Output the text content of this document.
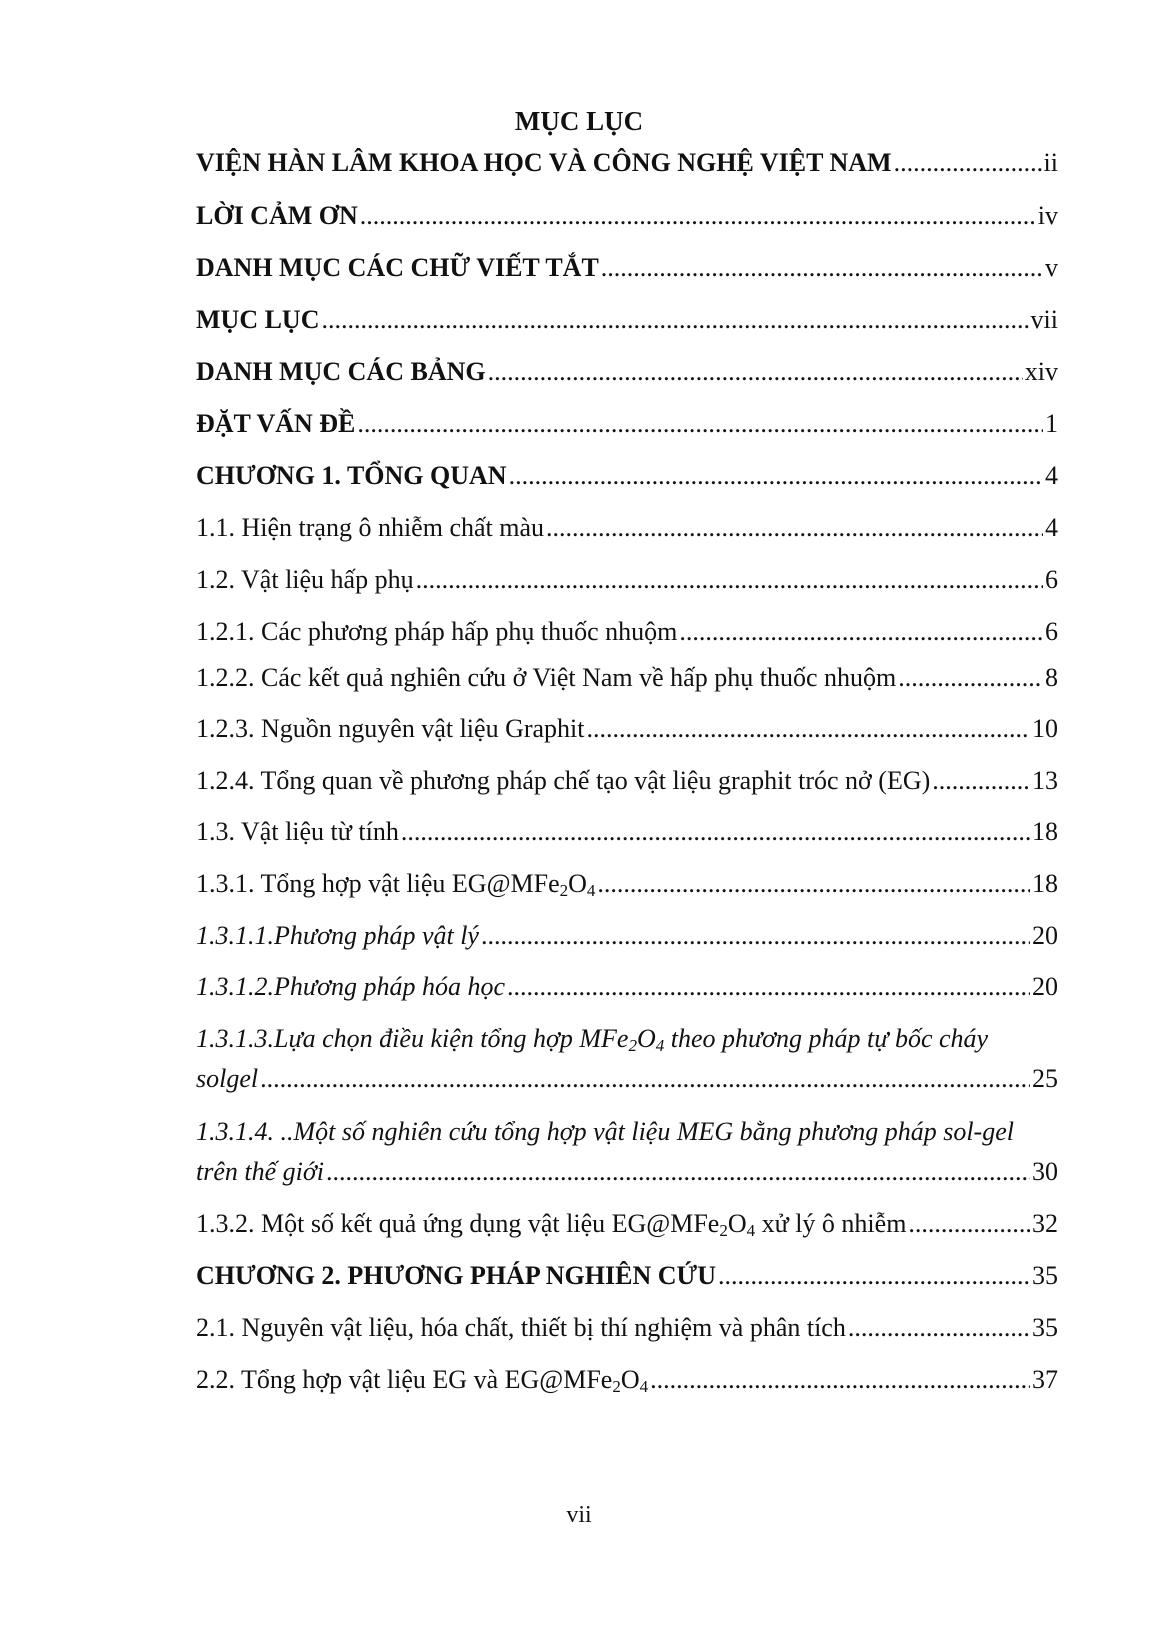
MỤC LỤC
VIỆN HÀN LÂM KHOA HỌC VÀ CÔNG NGHỆ VIỆT NAM .....	ii
LỜI CẢM ƠN .....	iv
DANH MỤC CÁC CHỮ VIẾT TẮT .....	v
MỤC LỤC .....	vii
DANH MỤC CÁC BẢNG .....	xiv
ĐẶT VẤN ĐỀ .....	1
CHƯƠNG 1. TỔNG QUAN .....	4
1.1. Hiện trạng ô nhiễm chất màu .....	4
1.2. Vật liệu hấp phụ .....	6
1.2.1. Các phương pháp hấp phụ thuốc nhuộm .....	6
1.2.2. Các kết quả nghiên cứu ở Việt Nam về hấp phụ thuốc nhuộm .....	8
1.2.3. Nguồn nguyên vật liệu Graphit .....	10
1.2.4. Tổng quan về phương pháp chế tạo vật liệu graphit tróc nở (EG) .....	13
1.3. Vật liệu từ tính .....	18
1.3.1. Tổng hợp vật liệu $EG@MFe_2O_4$ .....	18
1.3.1.1.Phương pháp vật lý .....	20
1.3.1.2.Phương pháp hóa học .....	20
1.3.1.3.Lựa chọn điều kiện tổng hợp $MFe_2O_4$ theo phương pháp tự bốc cháy
solgel .....	25
1.3.1.4. ..Một số nghiên cứu tổng hợp vật liệu MEG bằng phương pháp sol-gel
trên thế giới .....	30
1.3.2. Một số kết quả ứng dụng vật liệu $EG@MFe_2O_4$ xử lý ô nhiễm .....	32
CHƯƠNG 2. PHƯƠNG PHÁP NGHIÊN CỨU .....	35
2.1. Nguyên vật liệu, hóa chất, thiết bị thí nghiệm và phân tích .....	35
2.2. Tổng hợp vật liệu EG và $EG@MFe_2O_4$ .....	37
vii
